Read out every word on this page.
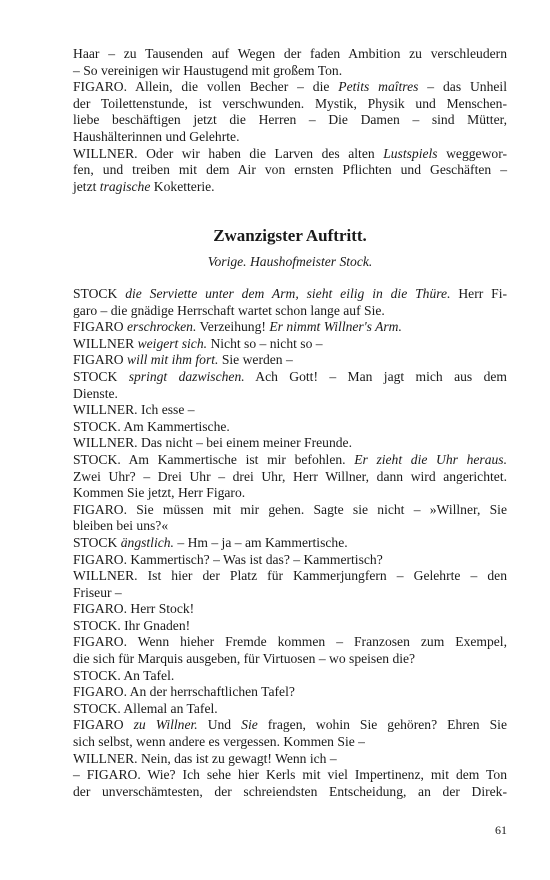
Haar – zu Tausenden auf Wegen der faden Ambition zu verschleudern
– So vereinigen wir Haustugend mit großem Ton.
FIGARO. Allein, die vollen Becher – die Petits maîtres – das Unheil
der Toilettenstunde, ist verschwunden. Mystik, Physik und Menschen-
liebe beschäftigen jetzt die Herren – Die Damen – sind Mütter,
Haushälterinnen und Gelehrte.
WILLNER. Oder wir haben die Larven des alten Lustspiels weggewor-
fen, und treiben mit dem Air von ernsten Pflichten und Geschäften –
jetzt tragische Koketterie.
Zwanzigster Auftritt.
Vorige. Haushofmeister Stock.
STOCK die Serviette unter dem Arm, sieht eilig in die Thüre. Herr Fi-
garo – die gnädige Herrschaft wartet schon lange auf Sie.
FIGARO erschrocken. Verzeihung! Er nimmt Willner's Arm.
WILLNER weigert sich. Nicht so – nicht so –
FIGARO will mit ihm fort. Sie werden –
STOCK springt dazwischen. Ach Gott! – Man jagt mich aus dem
Dienste.
WILLNER. Ich esse –
STOCK. Am Kammertische.
WILLNER. Das nicht – bei einem meiner Freunde.
STOCK. Am Kammertische ist mir befohlen. Er zieht die Uhr heraus.
Zwei Uhr? – Drei Uhr – drei Uhr, Herr Willner, dann wird angerichtet.
Kommen Sie jetzt, Herr Figaro.
FIGARO. Sie müssen mit mir gehen. Sagte sie nicht – »Willner, Sie
bleiben bei uns?«
STOCK ängstlich. – Hm – ja – am Kammertische.
FIGARO. Kammertisch? – Was ist das? – Kammertisch?
WILLNER. Ist hier der Platz für Kammerjungfern – Gelehrte – den
Friseur –
FIGARO. Herr Stock!
STOCK. Ihr Gnaden!
FIGARO. Wenn hieher Fremde kommen – Franzosen zum Exempel,
die sich für Marquis ausgeben, für Virtuosen – wo speisen die?
STOCK. An Tafel.
FIGARO. An der herrschaftlichen Tafel?
STOCK. Allemal an Tafel.
FIGARO zu Willner. Und Sie fragen, wohin Sie gehören? Ehren Sie
sich selbst, wenn andere es vergessen. Kommen Sie –
WILLNER. Nein, das ist zu gewagt! Wenn ich –
– FIGARO. Wie? Ich sehe hier Kerls mit viel Impertinenz, mit dem Ton
der unverschämtesten, der schreiendsten Entscheidung, an der Direk-
61
